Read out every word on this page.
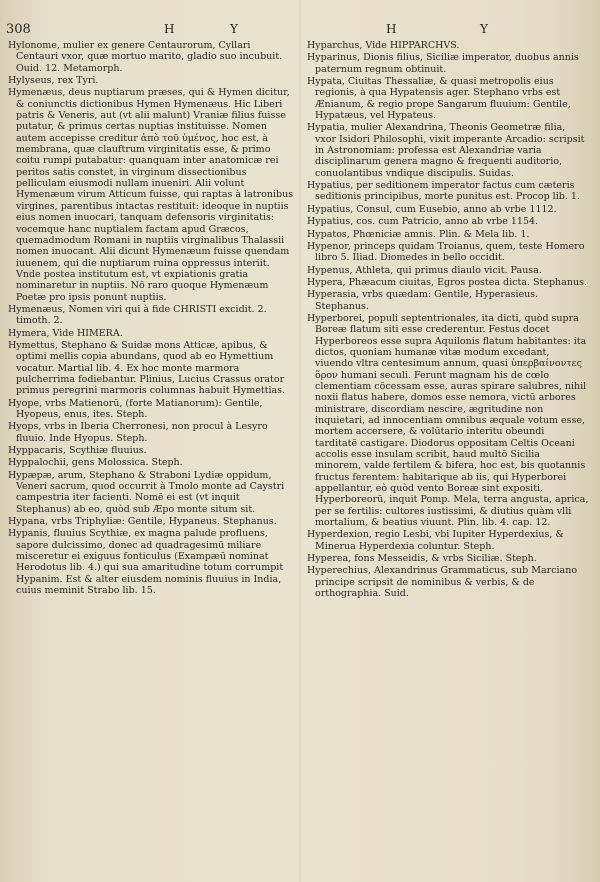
308	H	Y	H	Y

Hylonome, mulier ex genere Centaurorum, Cyllari Centauri vxor, quæ mortuo marito, gladio suo incubuit. Ouid. 12. Metamorph.

Hylyseus, rex Tyri.

Hymenæus, deus nuptiarum præses, qui & Hymen dicitur, & coniunctis dictionibus Hymen Hymenæus. Hic Liberi patris & Veneris, aut (vt alii malunt) Vraniæ filius fuisse putatur, & primus certas nuptias instituisse. Nomen autem accepisse creditur ἀπὸ τοῦ ὑμένος, hoc est, à membrana, quæ clauftrum virginitatis esse, & primo coitu rumpi putabatur: quanquam inter anatomicæ rei peritos satis constet, in virginum dissectionibus pelliculam eiusmodi nullam inueniri. Alii volunt Hymenæum virum Atticum fuisse, qui raptas à latronibus virgines, parentibus intactas restituit: ideoque in nuptiis eius nomen inuocari, tanquam defensoris virginitatis: vocemque hanc nuptialem factam apud Græcos, quemadmodum Romani in nuptiis virginalibus Thalassii nomen inuocant. Alii dicunt Hymenæum fuisse quendam iuuenem, qui die nuptiarum ruina oppressus interiit. Vnde postea institutum est, vt expiationis gratia nominaretur in nuptiis. Nō raro quoque Hymenæum Poetæ pro ipsis ponunt nuptiis.

Hymenæus, Nomen viri qui à fide CHRISTI excidit. 2. timoth. 2.

Hymera, Vide HIMERA.

Hymettus, Stephano & Suidæ mons Atticæ, apibus, & optimi mellis copia abundans, quod ab eo Hymettium vocatur. Martial lib. 4. Ex hoc monte marmora pulcherrima fodiebantur. Plinius, Lucius Crassus orator primus peregrini marmoris columnas habuit Hymettias.

Hyope, vrbs Matienorū, (forte Matianorum): Gentile, Hyopeus, enus, ites. Steph.

Hyops, vrbs in Iberia Cherronesi, non procul à Lesyro fluuio. Inde Hyopus. Steph.

Hyppacaris, Scythiæ fluuius.

Hyppalochii, gens Molossica. Steph.

Hypæpæ, arum, Stephano & Straboni Lydiæ oppidum, Veneri sacrum, quod occurrit à Tmolo monte ad Caystri campestria iter facienti. Nomē ei est (vt inquit Stephanus) ab eo, quòd sub Æpo monte situm sit.

Hypana, vrbs Triphyliæ: Gentile, Hypaneus. Stephanus.

Hypanis, fluuius Scythiæ, ex magna palude profluens, sapore dulcissimo, donec ad quadragesimū miliare misceretur ei exiguus fonticulus (Exampæū nominat Herodotus lib. 4.) qui sua amaritudine totum corrumpit Hypanim. Est & alter eiusdem nominis fluuius in India, cuius meminit Strabo lib. 15.

Hyparchus, Vide HIPPARCHVS.

Hyparinus, Dionis filius, Siciliæ imperator, duobus annis paternum regnum obtinuit.

Hypata, Ciuitas Thessaliæ, & quasi metropolis eius regionis, à qua Hypatensis ager. Stephano vrbs est Ænianum, & regio prope Sangarum fluuium: Gentile, Hypatæus, vel Hypateus.

Hypatia, mulier Alexandrina, Theonis Geometræ filia, vxor Isidori Philosophi, vixit imperante Arcadio: scripsit in Astronomiam: professa est Alexandriæ varia disciplinarum genera magno & frequenti auditorio, conuolantibus vndique discipulis. Suidas.

Hypatius, per seditionem imperator factus cum cæteris seditionis principibus, morte punitus est. Procop lib. 1.

Hypatius, Consul, cum Eusebio, anno ab vrbe 1112.

Hypatius, cos. cum Patricio, anno ab vrbe 1154.

Hypatos, Phœniciæ amnis. Plin. & Mela lib. 1.

Hypenor, princeps quidam Troianus, quem, teste Homero libro 5. Iliad. Diomedes in bello occidit.

Hypenus, Athleta, qui primus diaulo vicit. Pausa.

Hypera, Phæacum ciuitas, Egros postea dicta. Stephanus.

Hyperasia, vrbs quædam: Gentile, Hyperasieus. Stephanus.

Hyperborei, populi septentrionales, ita dicti, quòd supra Boreæ flatum siti esse crederentur. Festus docet Hyperboreos esse supra Aquilonis flatum habitantes: ita dictos, quoniam humanæ vitæ modum excedant, viuendo vltra centesimum annum, quasi ὑπερβαίνοντες ὅρον humani seculi. Ferunt magnam his de cœlo clementiam cōcessam esse, auras spirare salubres, nihil noxii flatus habere, domos esse nemora, victū arbores ministrare, discordiam nescire, ægritudine non inquietari, ad innocentiam omnibus æquale votum esse, mortem accersere, & volūtario interitu obeundi tarditatē castigare. Diodorus oppositam Celtis Oceani accolis esse insulam scribit, haud multō Sicilia minorem, valde fertilem & bifera, hoc est, bis quotannis fructus ferentem: habitarique ab iis, qui Hyperborei appellantur, eò quòd vento Boreæ sint expositi. Hyperboreorū, inquit Pomp. Mela, terra angusta, aprica, per se fertilis: cultores iustissimi, & diutius quàm vlli mortalium, & beatius viuunt. Plin. lib. 4. cap. 12.

Hyperdexion, regio Lesbi, vbi Iupiter Hyperdexius, & Minerua Hyperdexia coluntur. Steph.

Hyperea, fons Messeidis, & vrbs Siciliæ. Steph.

Hyperechius, Alexandrinus Grammaticus, sub Marciano principe scripsit de nominibus & verbis, & de orthographia. Suid.
